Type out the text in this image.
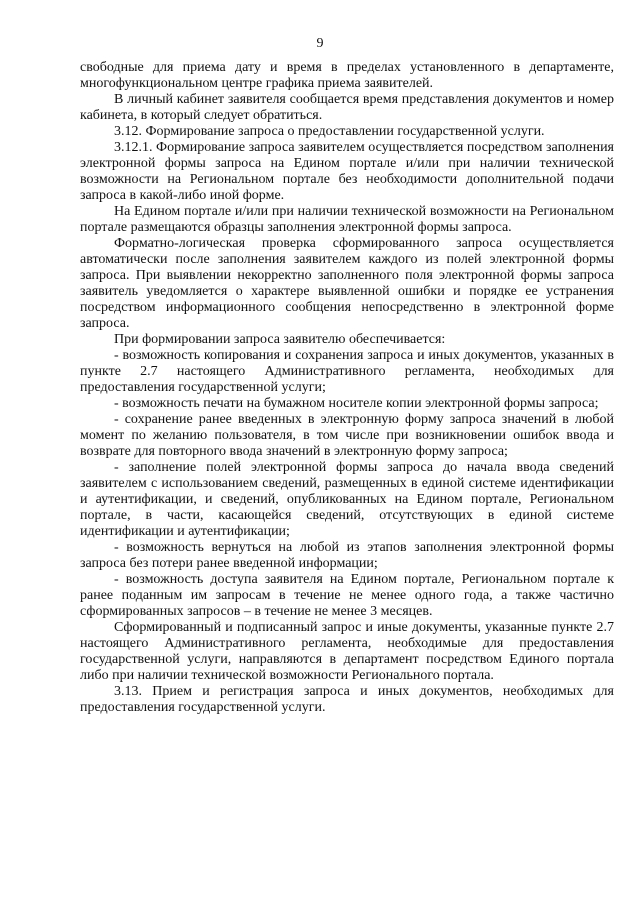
9

свободные для приема дату и время в пределах установленного в департаменте, многофункциональном центре графика приема заявителей.

В личный кабинет заявителя сообщается время представления документов и номер кабинета, в который следует обратиться.

3.12. Формирование запроса о предоставлении государственной услуги.

3.12.1. Формирование запроса заявителем осуществляется посредством заполнения электронной формы запроса на Едином портале и/или при наличии технической возможности на Региональном портале без необходимости дополнительной подачи запроса в какой-либо иной форме.

На Едином портале и/или при наличии технической возможности на Региональном портале размещаются образцы заполнения электронной формы запроса.

Форматно-логическая проверка сформированного запроса осуществляется автоматически после заполнения заявителем каждого из полей электронной формы запроса. При выявлении некорректно заполненного поля электронной формы запроса заявитель уведомляется о характере выявленной ошибки и порядке ее устранения посредством информационного сообщения непосредственно в электронной форме запроса.

При формировании запроса заявителю обеспечивается:

- возможность копирования и сохранения запроса и иных документов, указанных в пункте 2.7 настоящего Административного регламента, необходимых для предоставления государственной услуги;

- возможность печати на бумажном носителе копии электронной формы запроса;

- сохранение ранее введенных в электронную форму запроса значений в любой момент по желанию пользователя, в том числе при возникновении ошибок ввода и возврате для повторного ввода значений в электронную форму запроса;

- заполнение полей электронной формы запроса до начала ввода сведений заявителем с использованием сведений, размещенных в единой системе идентификации и аутентификации, и сведений, опубликованных на Едином портале, Региональном портале, в части, касающейся сведений, отсутствующих в единой системе идентификации и аутентификации;

- возможность вернуться на любой из этапов заполнения электронной формы запроса без потери ранее введенной информации;

- возможность доступа заявителя на Едином портале, Региональном портале к ранее поданным им запросам в течение не менее одного года, а также частично сформированных запросов – в течение не менее 3 месяцев.

Сформированный и подписанный запрос и иные документы, указанные пункте 2.7 настоящего Административного регламента, необходимые для предоставления государственной услуги, направляются в департамент посредством Единого портала либо при наличии технической возможности Регионального портала.

3.13. Прием и регистрация запроса и иных документов, необходимых для предоставления государственной услуги.
